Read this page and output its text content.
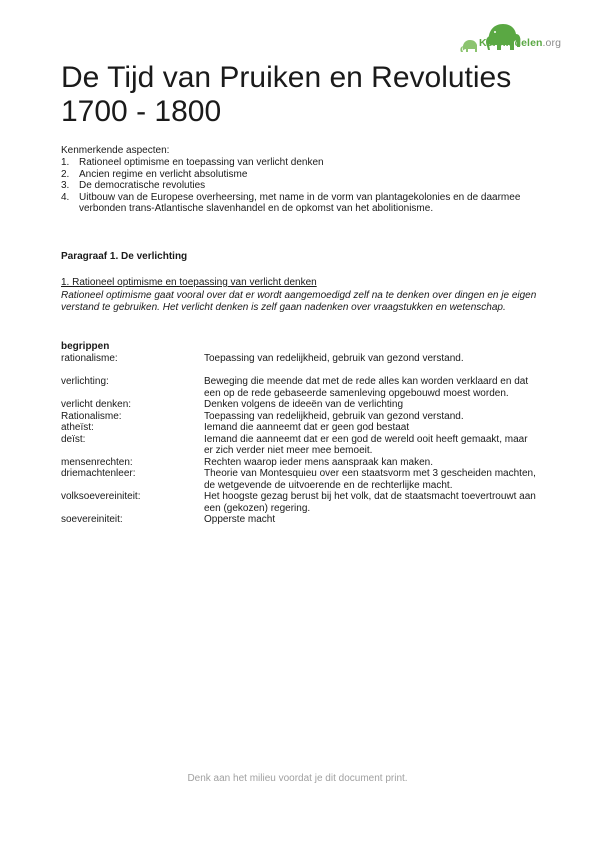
Kennisdelen.org
De Tijd van Pruiken en Revoluties
1700 - 1800
Kenmerkende aspecten:
1. Rationeel optimisme en toepassing van verlicht denken
2. Ancien regime en verlicht absolutisme
3. De democratische revoluties
4. Uitbouw van de Europese overheersing, met name in de vorm van plantagekolonies en de daarmee verbonden trans-Atlantische slavenhandel en de opkomst van het abolitionisme.
Paragraaf 1. De verlichting
1. Rationeel optimisme en toepassing van verlicht denken
Rationeel optimisme gaat vooral over dat er wordt aangemoedigd zelf na te denken over dingen en je eigen verstand te gebruiken. Het verlicht denken is zelf gaan nadenken over vraagstukken en wetenschap.
begrippen
rationalisme:	Toepassing van redelijkheid, gebruik van gezond verstand.
verlichting:	Beweging die meende dat met de rede alles kan worden verklaard en dat een op de rede gebaseerde samenleving opgebouwd moest worden.
verlicht denken:	Denken volgens de ideeën van de verlichting
Rationalisme:	Toepassing van redelijkheid, gebruik van gezond verstand.
atheïst:	Iemand die aanneemt dat er geen god bestaat
deïst:	Iemand die aanneemt dat er een god de wereld ooit heeft gemaakt, maar er zich verder niet meer mee bemoeit.
mensenrechten:	Rechten waarop ieder mens aanspraak kan maken.
driemachtenleer:	Theorie van Montesquieu over een staatsvorm met 3 gescheiden machten, de wetgevende de uitvoerende en de rechterlijke macht.
volksoevereiniteit:	Het hoogste gezag berust bij het volk, dat de staatsmacht toevertrouwt aan een (gekozen) regering.
soevereiniteit:	Opperste macht
Denk aan het milieu voordat je dit document print.
